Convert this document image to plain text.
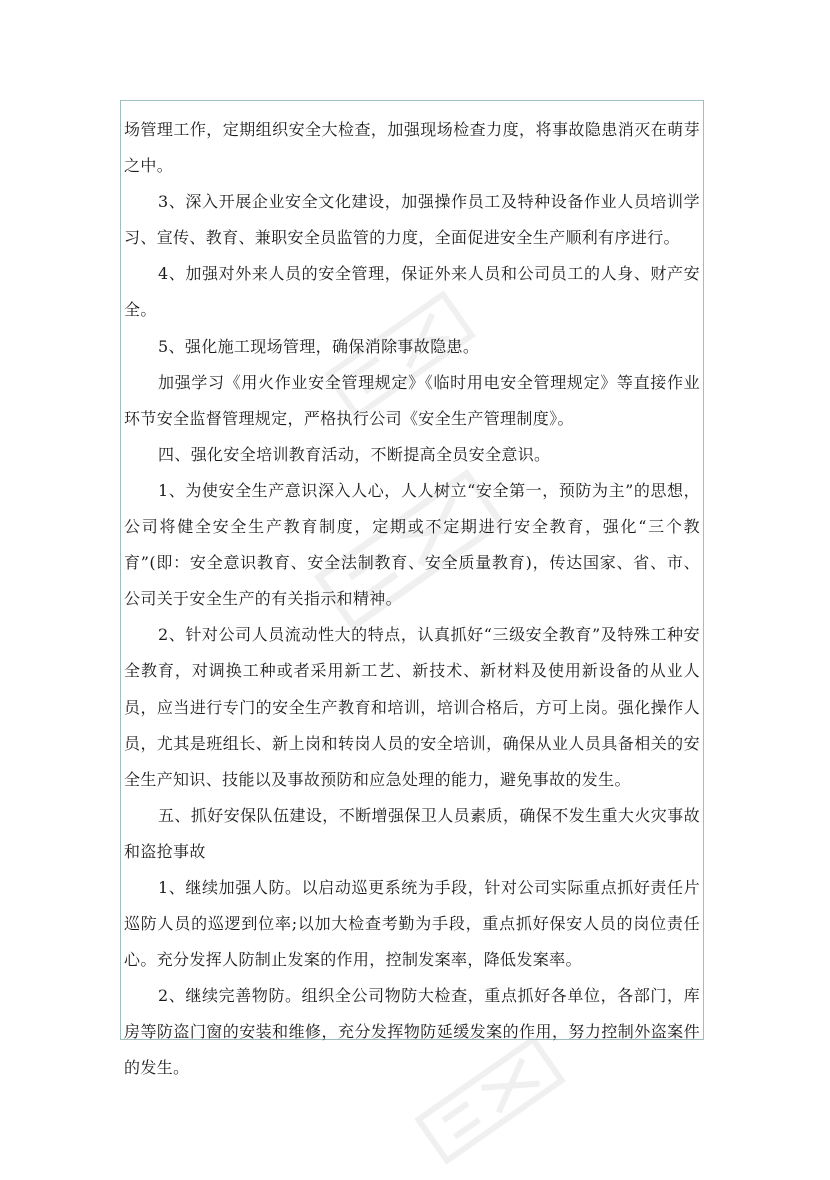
场管理工作，定期组织安全大检查，加强现场检查力度，将事故隐患消灭在萌芽之中。

3、深入开展企业安全文化建设，加强操作员工及特种设备作业人员培训学习、宣传、教育、兼职安全员监管的力度，全面促进安全生产顺利有序进行。

4、加强对外来人员的安全管理，保证外来人员和公司员工的人身、财产安全。

5、强化施工现场管理，确保消除事故隐患。

加强学习《用火作业安全管理规定》《临时用电安全管理规定》等直接作业环节安全监督管理规定，严格执行公司《安全生产管理制度》。

四、强化安全培训教育活动，不断提高全员安全意识。

1、为使安全生产意识深入人心，人人树立“安全第一，预防为主”的思想，公司将健全安全生产教育制度，定期或不定期进行安全教育，强化“三个教育”(即：安全意识教育、安全法制教育、安全质量教育)，传达国家、省、市、公司关于安全生产的有关指示和精神。

2、针对公司人员流动性大的特点，认真抓好“三级安全教育”及特殊工种安全教育，对调换工种或者采用新工艺、新技术、新材料及使用新设备的从业人员，应当进行专门的安全生产教育和培训，培训合格后，方可上岗。强化操作人员，尤其是班组长、新上岗和转岗人员的安全培训，确保从业人员具备相关的安全生产知识、技能以及事故预防和应急处理的能力，避免事故的发生。

五、抓好安保队伍建设，不断增强保卫人员素质，确保不发生重大火灾事故和盗抢事故

1、继续加强人防。以启动巡更系统为手段，针对公司实际重点抓好责任片巡防人员的巡逻到位率;以加大检查考勤为手段，重点抓好保安人员的岗位责任心。充分发挥人防制止发案的作用，控制发案率，降低发案率。

2、继续完善物防。组织全公司物防大检查，重点抓好各单位，各部门，库房等防盗门窗的安装和维修，充分发挥物防延缓发案的作用，努力控制外盗案件的发生。
